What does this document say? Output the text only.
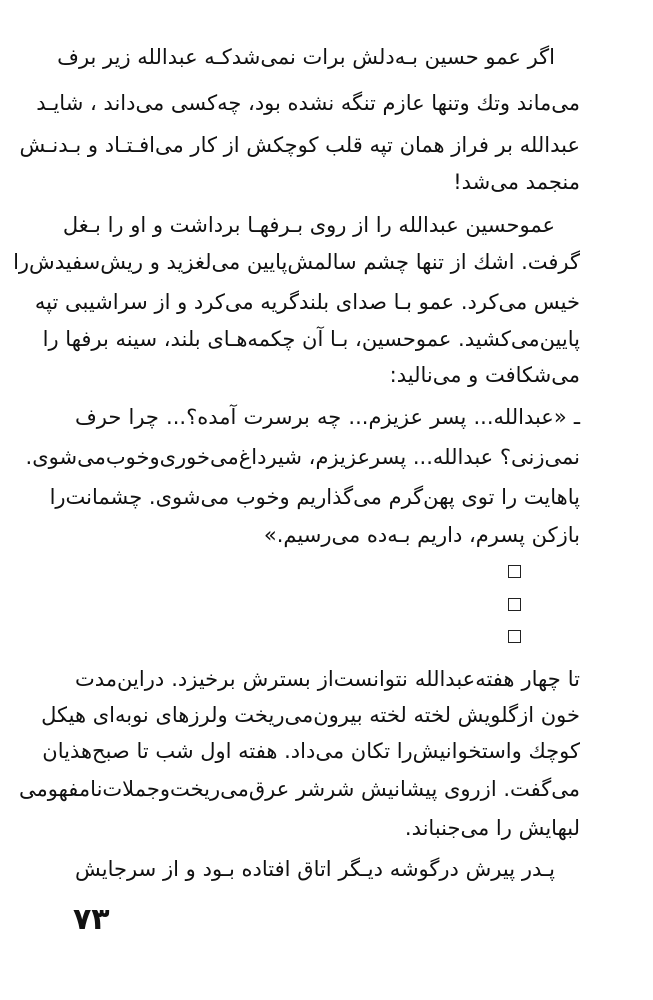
اگر عمو حسین بـه‌دلش برات نمی‌شدکـه عبدالله زیر برف
می‌ماند وتك وتنها عازم تنگه نشده بود، چه‌کسی می‌داند ، شایـد
عبدالله بر فراز همان تپه قلب کوچکش از کار می‌افـتـاد و بـدنـش
منجمد می‌شد!
عموحسین عبدالله را از روی بـرفهـا برداشت و او را بـغل
گرفت. اشك از تنها چشم سالمش‌پایین می‌لغزید و ریش‌سفیدش‌را
خیس می‌کرد. عمو بـا صدای بلندگریه می‌کرد و از سراشیبی تپه
پایین‌می‌کشید. عموحسین، بـا آن چکمه‌هـای بلند، سینه برفها را
می‌شکافت و می‌نالید:
ـ «عبدالله... پسر عزیزم... چه برسرت آمده؟... چرا حرف
نمی‌زنی؟ عبدالله... پسرعزیزم، شیرداغ‌می‌خوری‌وخوب‌می‌شوی.
پاهایت را توی پهن‌گرم می‌گذاریم وخوب می‌شوی. چشمانت‌را
بازکن پسرم، داریم بـه‌ده می‌رسیم.»
تا چهار هفته‌عبدالله نتوانست‌از بسترش برخیزد. دراین‌مدت
خون ازگلویش لخته لخته بیرون‌می‌ریخت ولرزهای نوبه‌ای هیکل
کوچك واستخوانیش‌را تکان می‌داد. هفته اول شب تا صبح‌هذیان
می‌گفت. ازروی پیشانیش شرشر عرق‌می‌ریخت‌وجملات‌نامفهومی
لبهایش را می‌جنباند.
پـدر پیرش درگوشه دیـگر اتاق افتاده بـود و از سرجایش
۷۳
